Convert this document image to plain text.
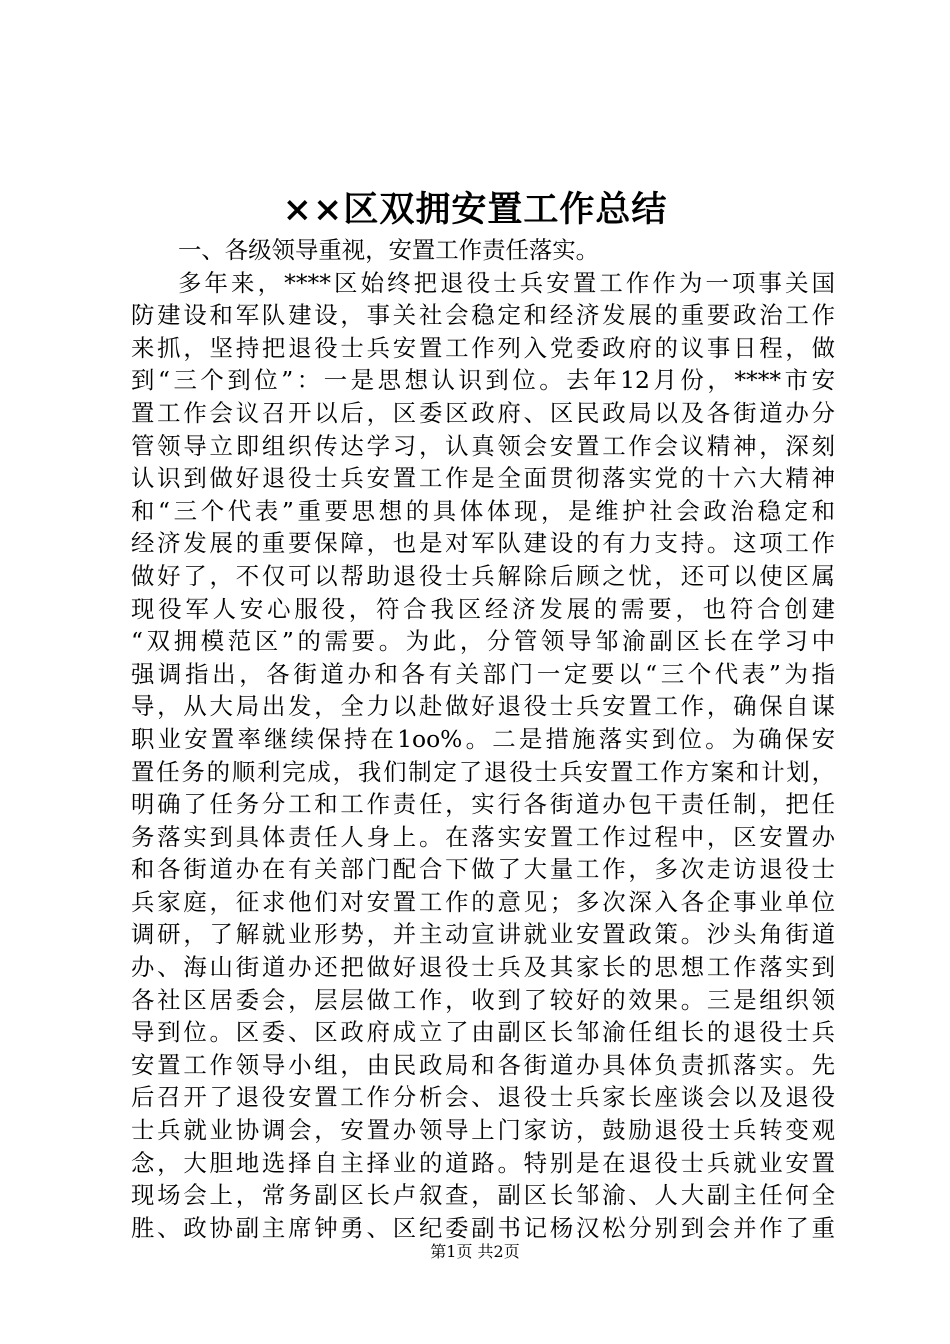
××区双拥安置工作总结
一、各级领导重视，安置工作责任落实。
多年来，****区始终把退役士兵安置工作作为一项事关国
防建设和军队建设，事关社会稳定和经济发展的重要政治工作
来抓，坚持把退役士兵安置工作列入党委政府的议事日程，做
到“三个到位”：一是思想认识到位。去年12月份，****市安
置工作会议召开以后，区委区政府、区民政局以及各街道办分
管领导立即组织传达学习，认真领会安置工作会议精神，深刻
认识到做好退役士兵安置工作是全面贯彻落实党的十六大精神
和“三个代表”重要思想的具体体现，是维护社会政治稳定和
经济发展的重要保障，也是对军队建设的有力支持。这项工作
做好了，不仅可以帮助退役士兵解除后顾之忧，还可以使区属
现役军人安心服役，符合我区经济发展的需要，也符合创建
“双拥模范区”的需要。为此，分管领导邹渝副区长在学习中
强调指出，各街道办和各有关部门一定要以“三个代表”为指
导，从大局出发，全力以赴做好退役士兵安置工作，确保自谋
职业安置率继续保持在1oo%。二是措施落实到位。为确保安
置任务的顺利完成，我们制定了退役士兵安置工作方案和计划，
明确了任务分工和工作责任，实行各街道办包干责任制，把任
务落实到具体责任人身上。在落实安置工作过程中，区安置办
和各街道办在有关部门配合下做了大量工作，多次走访退役士
兵家庭，征求他们对安置工作的意见；多次深入各企事业单位
调研，了解就业形势，并主动宣讲就业安置政策。沙头角街道
办、海山街道办还把做好退役士兵及其家长的思想工作落实到
各社区居委会，层层做工作，收到了较好的效果。三是组织领
导到位。区委、区政府成立了由副区长邹渝任组长的退役士兵
安置工作领导小组，由民政局和各街道办具体负责抓落实。先
后召开了退役安置工作分析会、退役士兵家长座谈会以及退役
士兵就业协调会，安置办领导上门家访，鼓励退役士兵转变观
念，大胆地选择自主择业的道路。特别是在退役士兵就业安置
现场会上，常务副区长卢叙查，副区长邹渝、人大副主任何全
胜、政协副主席钟勇、区纪委副书记杨汉松分别到会并作了重
第1页 共2页
